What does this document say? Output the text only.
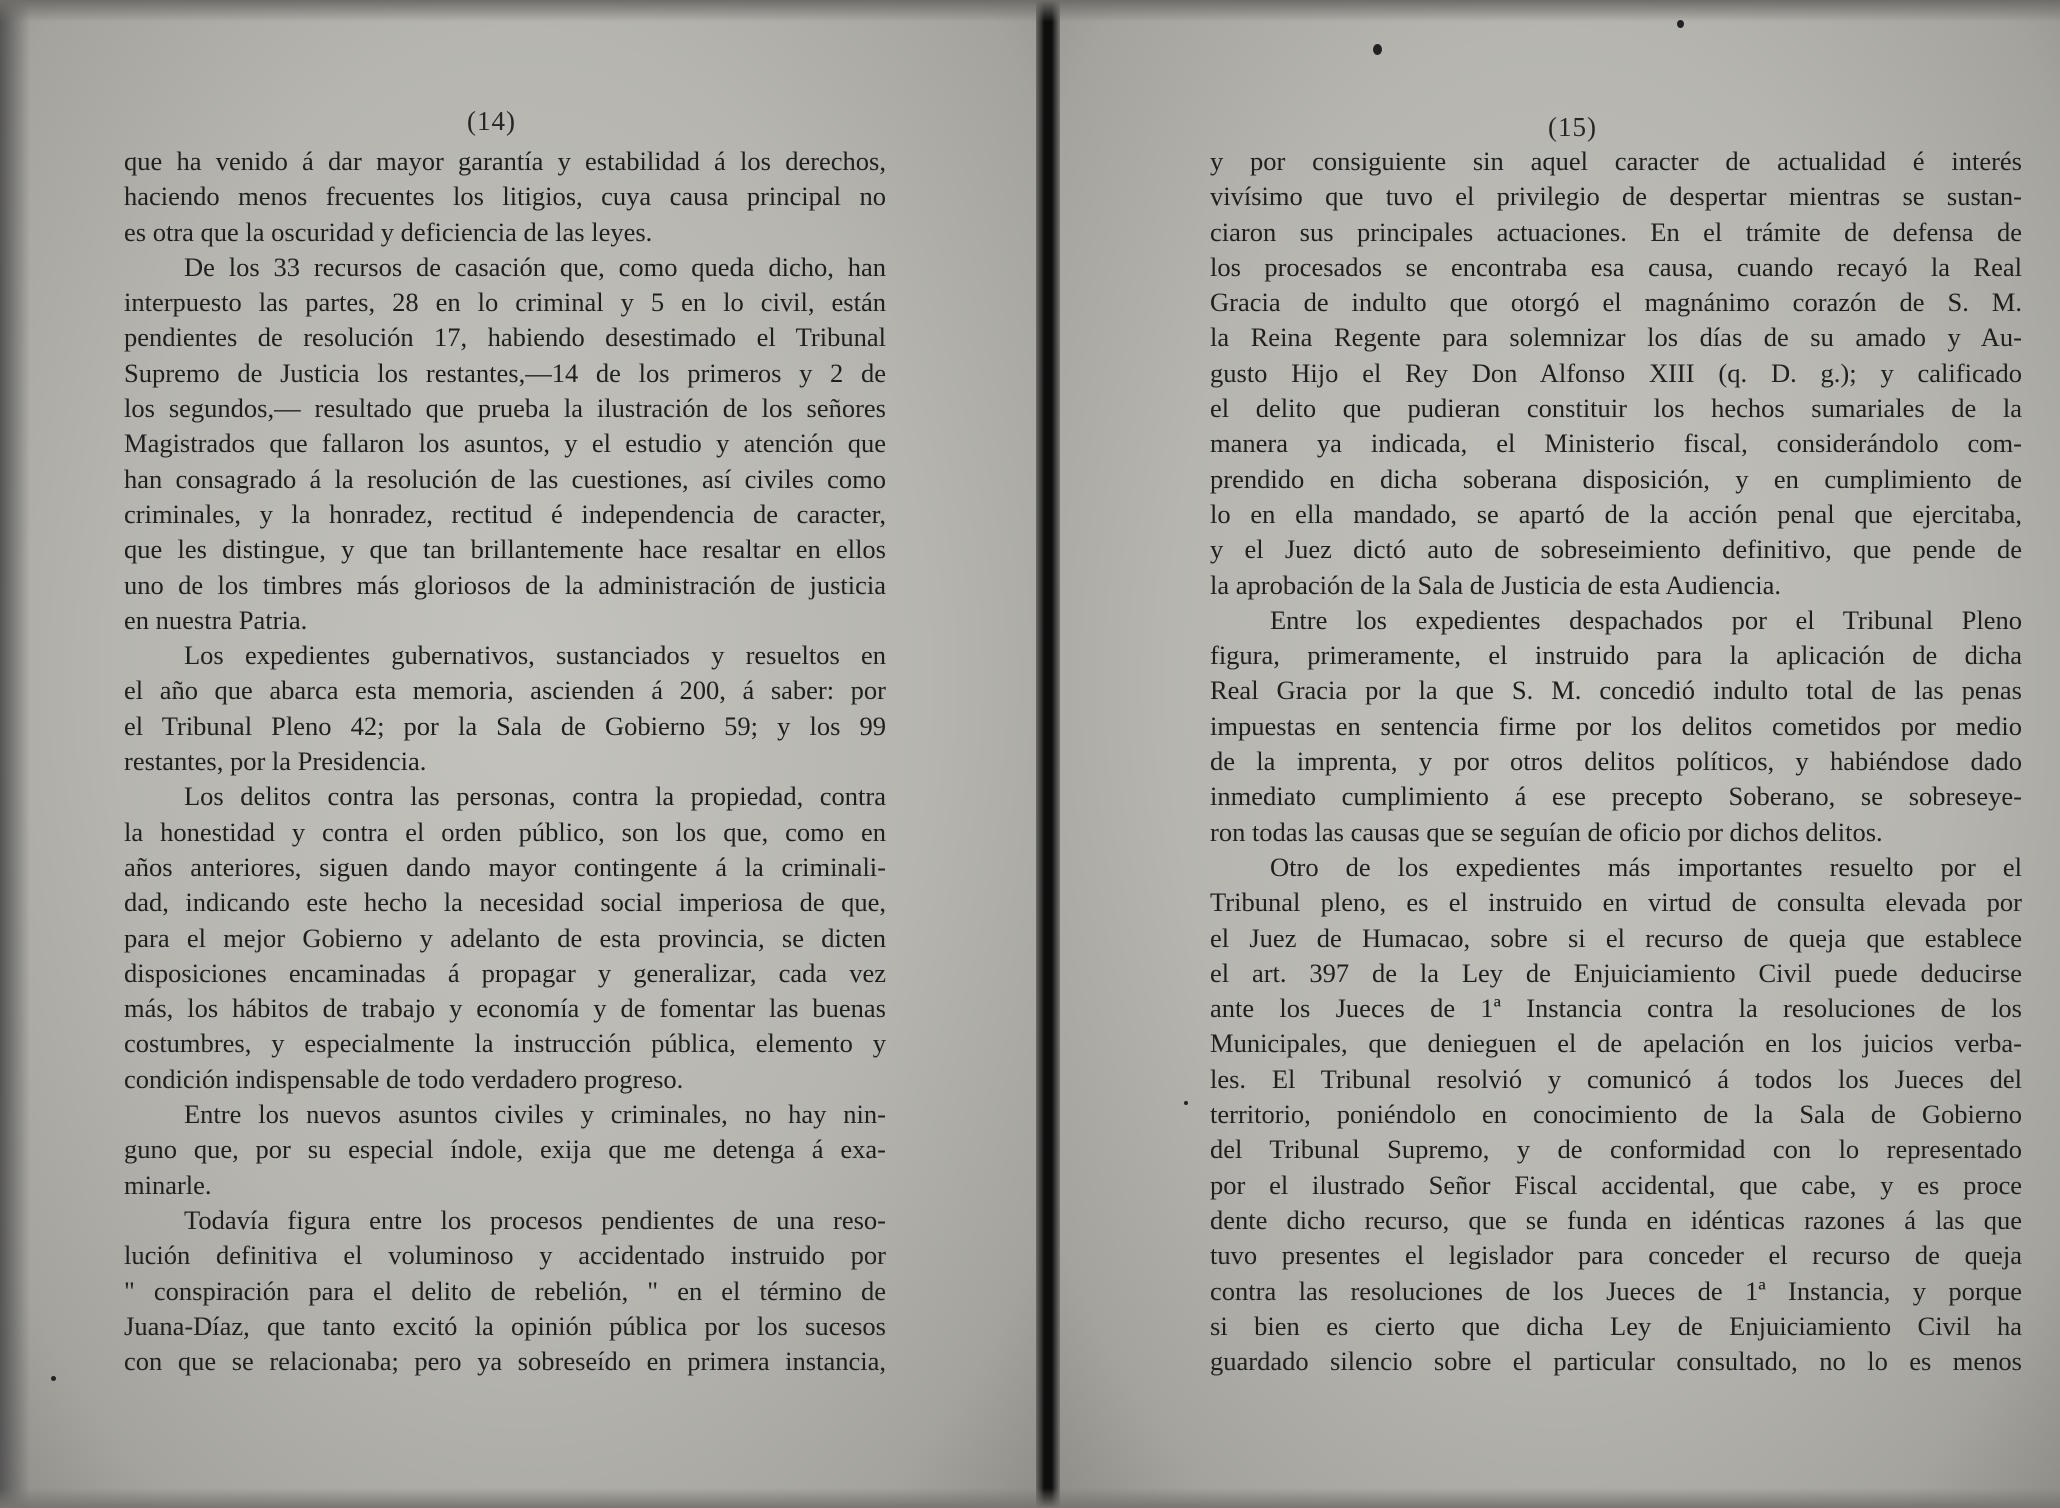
(14)
que ha venido á dar mayor garantía y estabilidad á los derechos,
haciendo menos frecuentes los litigios, cuya causa principal no
es otra que la oscuridad y deficiencia de las leyes.
De los 33 recursos de casación que, como queda dicho, han
interpuesto las partes, 28 en lo criminal y 5 en lo civil, están
pendientes de resolución 17, habiendo desestimado el Tribunal
Supremo de Justicia los restantes,—14 de los primeros y 2 de
los segundos,— resultado que prueba la ilustración de los señores
Magistrados que fallaron los asuntos, y el estudio y atención que
han consagrado á la resolución de las cuestiones, así civiles como
criminales, y la honradez, rectitud é independencia de caracter,
que les distingue, y que tan brillantemente hace resaltar en ellos
uno de los timbres más gloriosos de la administración de justicia
en nuestra Patria.
Los expedientes gubernativos, sustanciados y resueltos en
el año que abarca esta memoria, ascienden á 200, á saber: por
el Tribunal Pleno 42; por la Sala de Gobierno 59; y los 99
restantes, por la Presidencia.
Los delitos contra las personas, contra la propiedad, contra
la honestidad y contra el orden público, son los que, como en
años anteriores, siguen dando mayor contingente á la criminali-
dad, indicando este hecho la necesidad social imperiosa de que,
para el mejor Gobierno y adelanto de esta provincia, se dicten
disposiciones encaminadas á propagar y generalizar, cada vez
más, los hábitos de trabajo y economía y de fomentar las buenas
costumbres, y especialmente la instrucción pública, elemento y
condición indispensable de todo verdadero progreso.
Entre los nuevos asuntos civiles y criminales, no hay nin-
guno que, por su especial índole, exija que me detenga á exa-
minarle.
Todavía figura entre los procesos pendientes de una reso-
lución definitiva el voluminoso y accidentado instruido por
" conspiración para el delito de rebelión, " en el término de
Juana-Díaz, que tanto excitó la opinión pública por los sucesos
con que se relacionaba; pero ya sobreseído en primera instancia,
(15)
y por consiguiente sin aquel caracter de actualidad é interés
vivísimo que tuvo el privilegio de despertar mientras se sustan-
ciaron sus principales actuaciones. En el trámite de defensa de
los procesados se encontraba esa causa, cuando recayó la Real
Gracia de indulto que otorgó el magnánimo corazón de S. M.
la Reina Regente para solemnizar los días de su amado y Au-
gusto Hijo el Rey Don Alfonso XIII (q. D. g.); y calificado
el delito que pudieran constituir los hechos sumariales de la
manera ya indicada, el Ministerio fiscal, considerándolo com-
prendido en dicha soberana disposición, y en cumplimiento de
lo en ella mandado, se apartó de la acción penal que ejercitaba,
y el Juez dictó auto de sobreseimiento definitivo, que pende de
la aprobación de la Sala de Justicia de esta Audiencia.
Entre los expedientes despachados por el Tribunal Pleno
figura, primeramente, el instruido para la aplicación de dicha
Real Gracia por la que S. M. concedió indulto total de las penas
impuestas en sentencia firme por los delitos cometidos por medio
de la imprenta, y por otros delitos políticos, y habiéndose dado
inmediato cumplimiento á ese precepto Soberano, se sobreseye-
ron todas las causas que se seguían de oficio por dichos delitos.
Otro de los expedientes más importantes resuelto por el
Tribunal pleno, es el instruido en virtud de consulta elevada por
el Juez de Humacao, sobre si el recurso de queja que establece
el art. 397 de la Ley de Enjuiciamiento Civil puede deducirse
ante los Jueces de 1ª Instancia contra la resoluciones de los
Municipales, que denieguen el de apelación en los juicios verba-
les. El Tribunal resolvió y comunicó á todos los Jueces del
territorio, poniéndolo en conocimiento de la Sala de Gobierno
del Tribunal Supremo, y de conformidad con lo representado
por el ilustrado Señor Fiscal accidental, que cabe, y es proce
dente dicho recurso, que se funda en idénticas razones á las que
tuvo presentes el legislador para conceder el recurso de queja
contra las resoluciones de los Jueces de 1ª Instancia, y porque
si bien es cierto que dicha Ley de Enjuiciamiento Civil ha
guardado silencio sobre el particular consultado, no lo es menos
